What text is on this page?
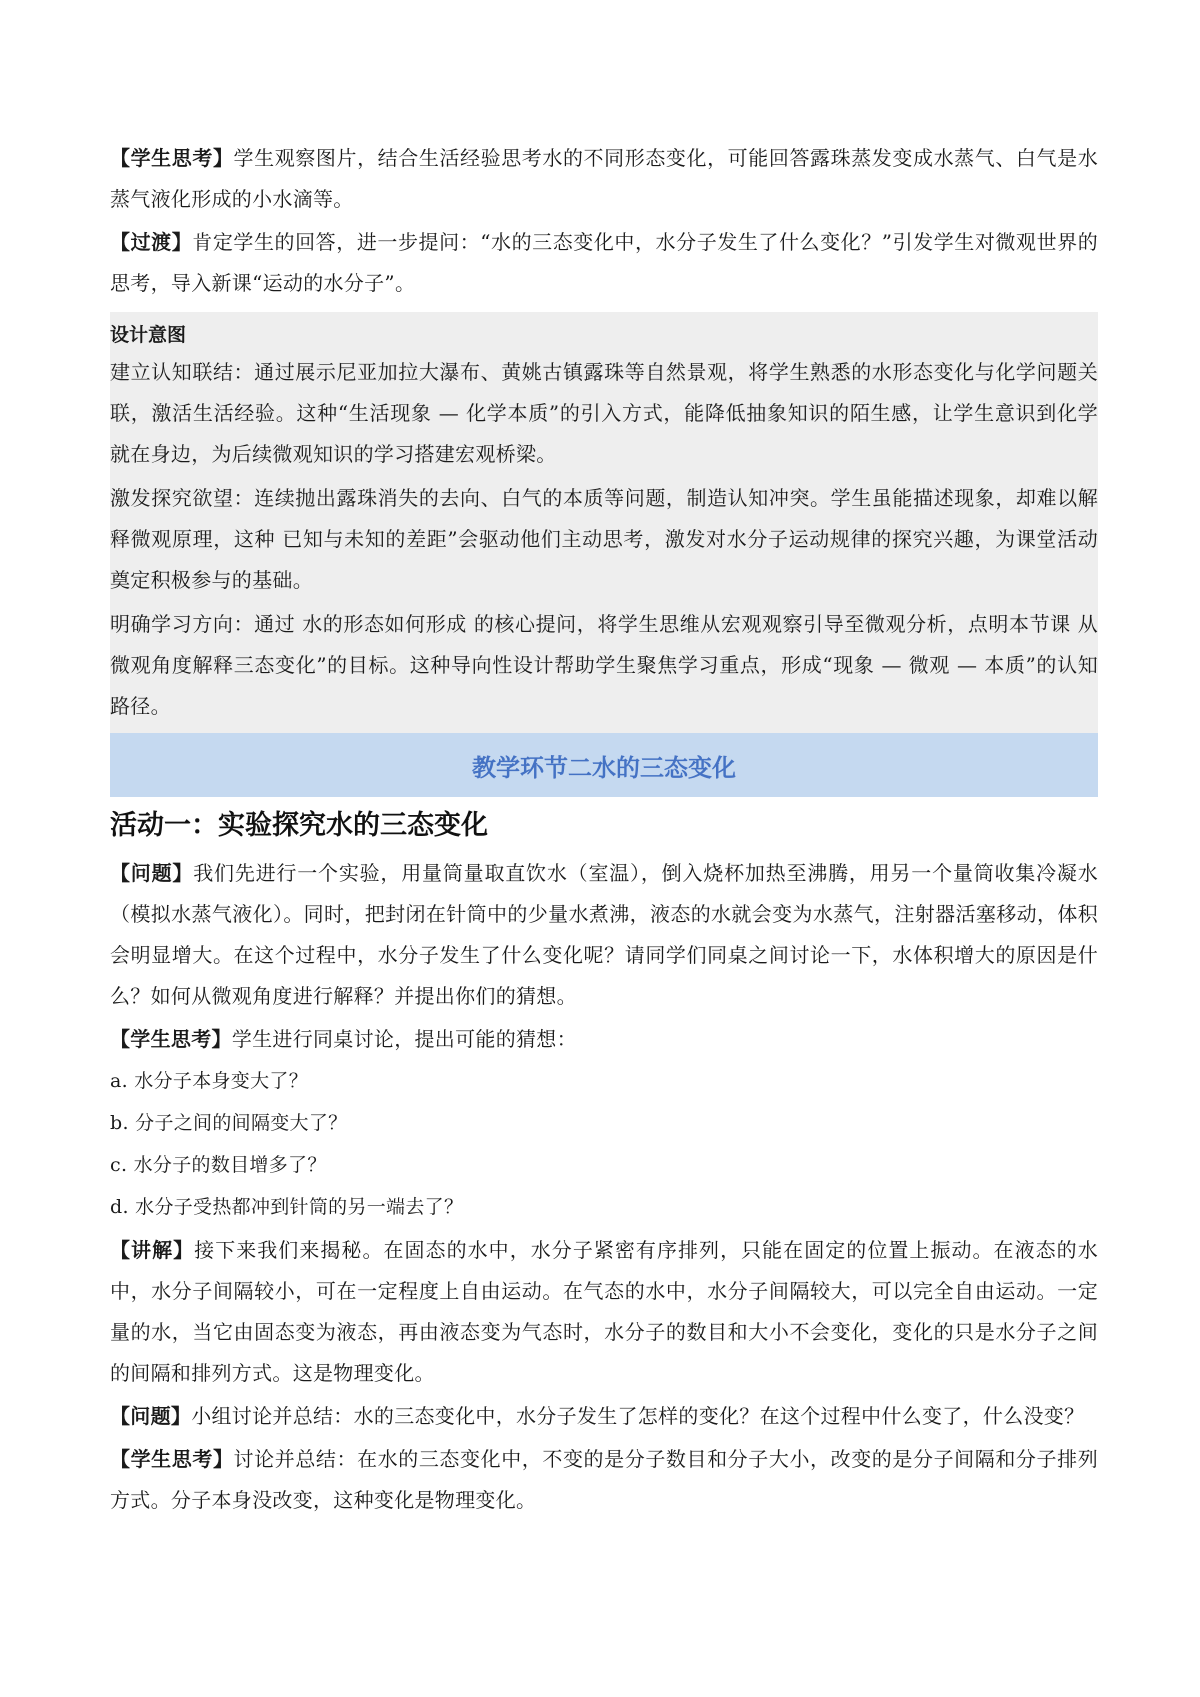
【学生思考】学生观察图片，结合生活经验思考水的不同形态变化，可能回答露珠蒸发变成水蒸气、白气是水蒸气液化形成的小水滴等。

【过渡】肯定学生的回答，进一步提问：“水的三态变化中，水分子发生了什么变化？”引发学生对微观世界的思考，导入新课“运动的水分子”。

设计意图

建立认知联结：通过展示尼亚加拉大瀑布、黄姚古镇露珠等自然景观，将学生熟悉的水形态变化与化学问题关联，激活生活经验。这种“生活现象 — 化学本质”的引入方式，能降低抽象知识的陌生感，让学生意识到化学就在身边，为后续微观知识的学习搭建宏观桥梁。

激发探究欲望：连续抛出露珠消失的去向、白气的本质等问题，制造认知冲突。学生虽能描述现象，却难以解释微观原理，这种 已知与未知的差距”会驱动他们主动思考，激发对水分子运动规律的探究兴趣，为课堂活动奠定积极参与的基础。

明确学习方向：通过 水的形态如何形成 的核心提问，将学生思维从宏观观察引导至微观分析，点明本节课 从微观角度解释三态变化”的目标。这种导向性设计帮助学生聚焦学习重点，形成“现象 — 微观 — 本质”的认知路径。

教学环节二水的三态变化
活动一：实验探究水的三态变化

【问题】我们先进行一个实验，用量筒量取直饮水（室温），倒入烧杯加热至沸腾，用另一个量筒收集冷凝水（模拟水蒸气液化）。同时，把封闭在针筒中的少量水煮沸，液态的水就会变为水蒸气，注射器活塞移动，体积会明显增大。在这个过程中，水分子发生了什么变化呢？请同学们同桌之间讨论一下，水体积增大的原因是什么？如何从微观角度进行解释？并提出你们的猜想。

【学生思考】学生进行同桌讨论，提出可能的猜想：

a. 水分子本身变大了？

b. 分子之间的间隔变大了？

c. 水分子的数目增多了？

d. 水分子受热都冲到针筒的另一端去了？

【讲解】接下来我们来揭秘。在固态的水中，水分子紧密有序排列，只能在固定的位置上振动。在液态的水中，水分子间隔较小，可在一定程度上自由运动。在气态的水中，水分子间隔较大，可以完全自由运动。一定量的水，当它由固态变为液态，再由液态变为气态时，水分子的数目和大小不会变化，变化的只是水分子之间的间隔和排列方式。这是物理变化。

【问题】小组讨论并总结：水的三态变化中，水分子发生了怎样的变化？在这个过程中什么变了，什么没变？

【学生思考】讨论并总结：在水的三态变化中，不变的是分子数目和分子大小，改变的是分子间隔和分子排列方式。分子本身没改变，这种变化是物理变化。
